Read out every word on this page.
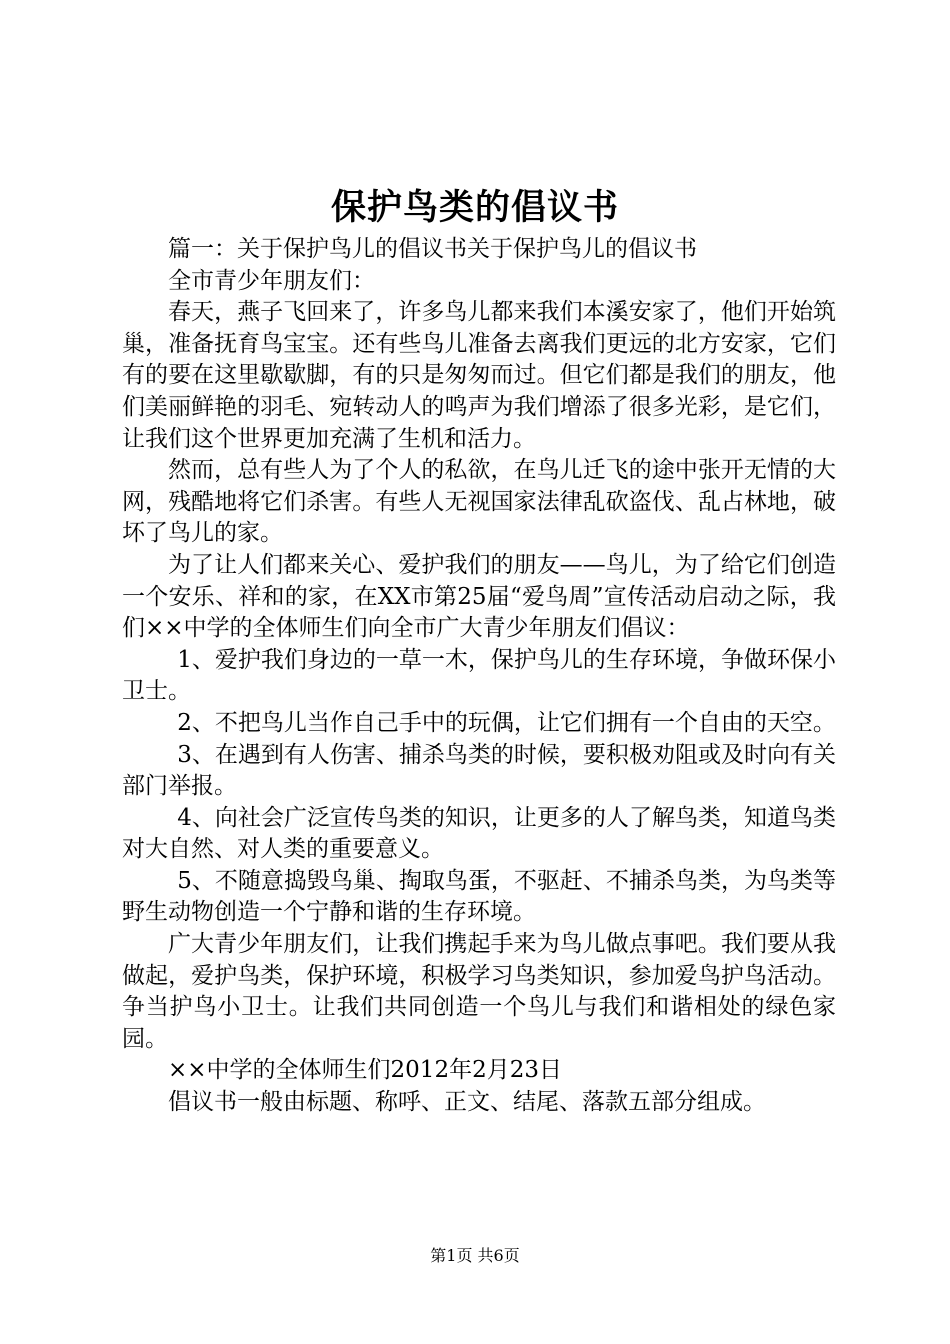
保护鸟类的倡议书

篇一：关于保护鸟儿的倡议书关于保护鸟儿的倡议书

全市青少年朋友们：

春天，燕子飞回来了，许多鸟儿都来我们本溪安家了，他们开始筑巢，准备抚育鸟宝宝。还有些鸟儿准备去离我们更远的北方安家，它们有的要在这里歇歇脚，有的只是匆匆而过。但它们都是我们的朋友，他们美丽鲜艳的羽毛、宛转动人的鸣声为我们增添了很多光彩，是它们，让我们这个世界更加充满了生机和活力。

然而，总有些人为了个人的私欲，在鸟儿迁飞的途中张开无情的大网，残酷地将它们杀害。有些人无视国家法律乱砍盗伐、乱占林地，破坏了鸟儿的家。

为了让人们都来关心、爱护我们的朋友——鸟儿，为了给它们创造一个安乐、祥和的家，在XX市第25届“爱鸟周”宣传活动启动之际，我们××中学的全体师生们向全市广大青少年朋友们倡议：

1、爱护我们身边的一草一木，保护鸟儿的生存环境，争做环保小卫士。

2、不把鸟儿当作自己手中的玩偶，让它们拥有一个自由的天空。

3、在遇到有人伤害、捕杀鸟类的时候，要积极劝阻或及时向有关部门举报。

4、向社会广泛宣传鸟类的知识，让更多的人了解鸟类，知道鸟类对大自然、对人类的重要意义。

5、不随意捣毁鸟巢、掏取鸟蛋，不驱赶、不捕杀鸟类，为鸟类等野生动物创造一个宁静和谐的生存环境。

广大青少年朋友们，让我们携起手来为鸟儿做点事吧。我们要从我做起，爱护鸟类，保护环境，积极学习鸟类知识，参加爱鸟护鸟活动。争当护鸟小卫士。让我们共同创造一个鸟儿与我们和谐相处的绿色家园。

××中学的全体师生们2012年2月23日

倡议书一般由标题、称呼、正文、结尾、落款五部分组成。

第1页 共6页
